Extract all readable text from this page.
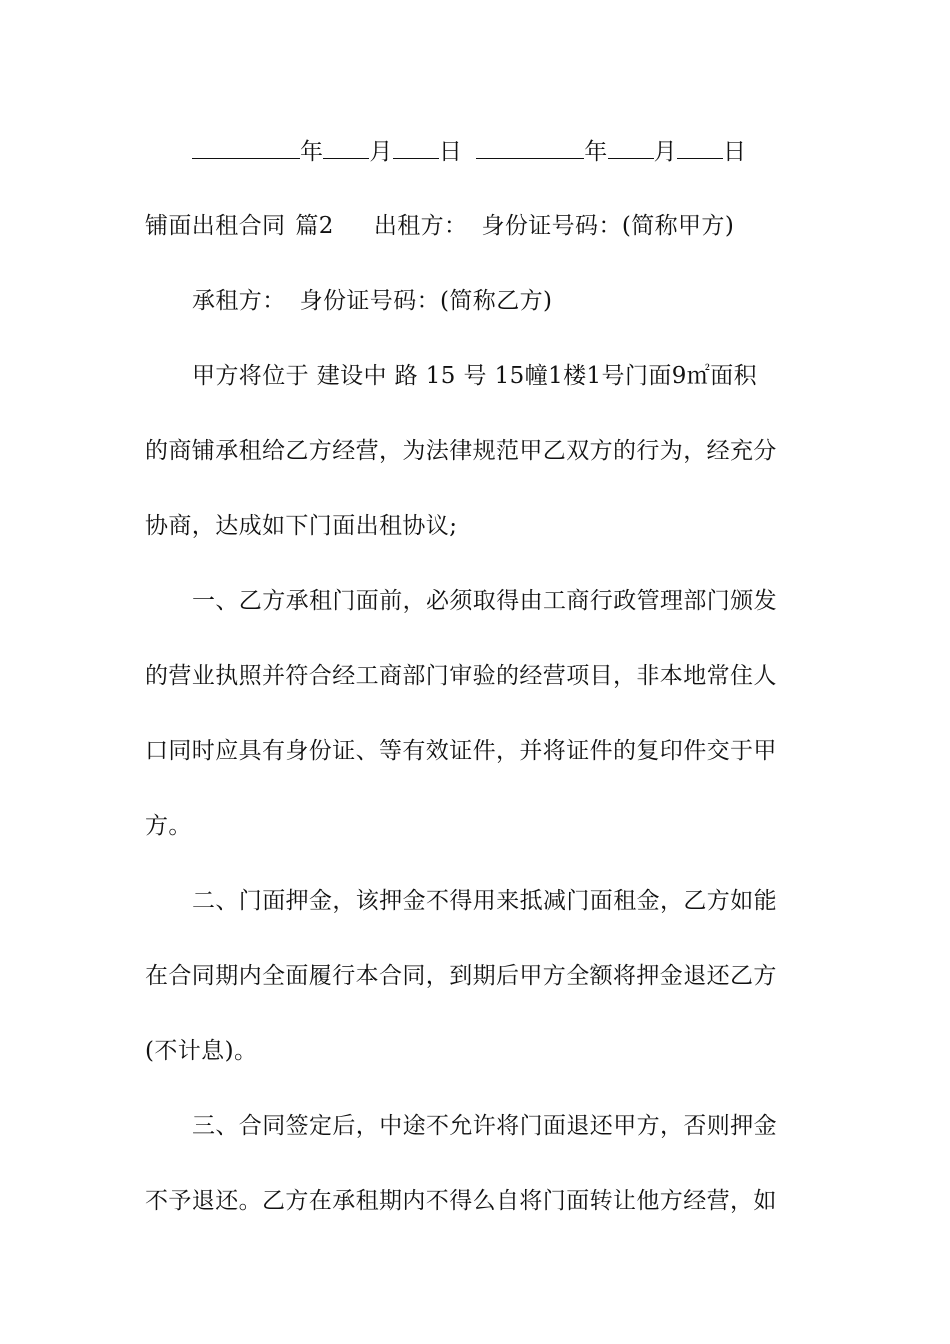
年 月 日	年 月 日
铺面出租合同 篇2 出租方： 身份证号码：(简称甲方)
承租方： 身份证号码：(简称乙方)
甲方将位于 建设中 路 15 号 15幢1楼1号门面9㎡面积
的商铺承租给乙方经营，为法律规范甲乙双方的行为，经充分
协商，达成如下门面出租协议;
一、乙方承租门面前，必须取得由工商行政管理部门颁发
的营业执照并符合经工商部门审验的经营项目，非本地常住人
口同时应具有身份证、等有效证件，并将证件的复印件交于甲
方。
二、门面押金，该押金不得用来抵减门面租金，乙方如能
在合同期内全面履行本合同，到期后甲方全额将押金退还乙方
(不计息)。
三、合同签定后，中途不允许将门面退还甲方，否则押金
不予退还。乙方在承租期内不得么自将门面转让他方经营，如
